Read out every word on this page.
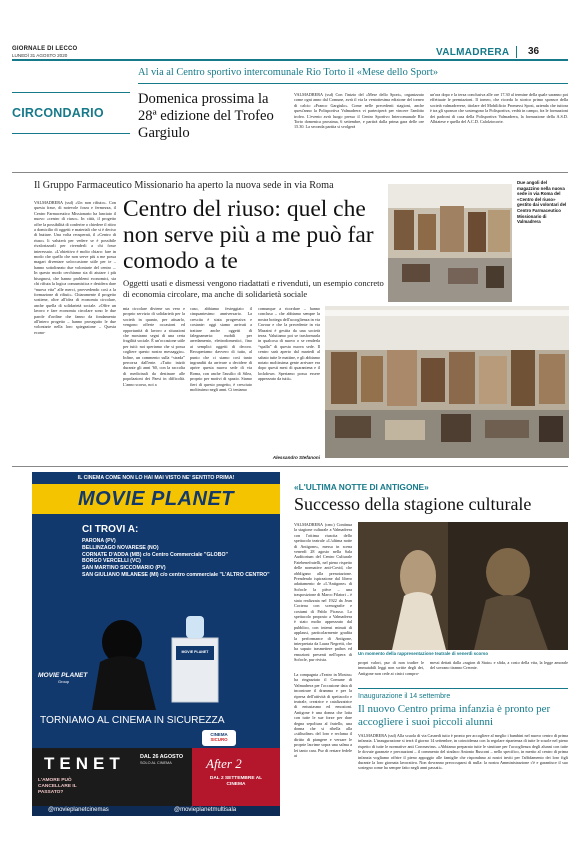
GIORNALE DI LECCO
LUNEDÌ 31 AGOSTO 2020	VALMADRERA 36
CIRCONDARIO
Al via al Centro sportivo intercomunale Rio Torto il «Mese dello Sport»
Domenica prossima la 28ª edizione del Trofeo Gargiulo
VALMADRERA (ssd) Con l'inizio del «Mese dello Sport», organizzato come ogni anno dal Comune, avrà il via la ventottesima edizione del torneo di calcio «Franco Gargiulo». Come nelle precedenti stagioni, anche quest'anno la Polisportiva Valmadrera vi parteciperà per vincere l'ambito trofeo. L'evento avrà luogo presso il Centro Sportivo Intercomunale Rio Torto domenica prossima, 6 settembre, e partirà dalla prima gara delle ore 15.30. La seconda partita si svolgerà
un'ora dopo e la terza conclusiva alle ore 17.30 al termine della quale saranno poi effettuate le premiazioni. Il torneo, che ricorda lo storico primo sponsor della società valmadrerese, titolare del Mobilificio Promessi Sposi, azienda che tuttora è tra gli sponsor che sostengono la Polisportiva, vedrà in campo, fra le formazioni dei padroni di casa della Polisportiva Valmadrera, la formazione della A.S.D. Albiatese e quella del A.C.D. Calolziocorte.
Il Gruppo Farmaceutico Missionario ha aperto la nuova sede in via Roma
VALMADRERA (ssd) «Un non rifiuto». Con questa frase, di notevole forza e fermezza, il Centro Farmaceutico Missionario ha lanciato il nuovo «centro di riuso». In città, il progetto offre la possibilità di conferire o chiedere il ritiro a domicilio di oggetti e materiali che si è deciso di buttare. Una volta recuperati, il «Centro di riuso» li valuterà per vedere se è possibile rivalorizzarli per rivenderli a chi fosse interessato. «L'obiettivo è molto chiaro: fare in modo che quello che non serve più a me possa magari diventare un'occasione utile per te – hanno sottolineato due volontarie del centro –. In questo modo cerchiamo sia di aiutare i più bisognosi, che hanno problemi economici, sia chi rifiuta la logica consumistica e desidera dare “nuova vita” alle merci, provvedendo così a la formazione di rifiuti». Chiaramente il progetto sostiene, oltre all'idea di economia circolare, anche quella di solidarietà sociale. «Offre un lavoro e fare economia circolare sono le due parole d'ordine che fanno da fondamento all'intero progetto – hanno proseguito le due volontarie nella loro spiegazione – Questa econo-
Centro del riuso: quel che non serve più a me può far comodo a te
Oggetti usati e dismessi vengono riadattati e rivenduti, un esempio concreto di economia circolare, ma anche di solidarietà sociale
mia circolare diviene un vero e proprio servizio di solidarietà per la società in quanto, per attuarlo, vengono offerte occasioni ed opportunità di lavoro a situazioni che mostrano segni di una certa fragilità sociale. È un'occasione utile per tutti: noi speriamo che si possa cogliere questo nostro messaggio». Infine, un commento sulla “strada” percorsa dall'ente. «Tutto iniziò durante gli anni '60, con la raccolta di medicinali da destinare alle popolazioni dei Paesi in difficoltà. L'anno scorso, noi a
caso, abbiamo festeggiato il cinquantesimo anniversario. La crescita è stata progressiva e costante: oggi siamo arrivati a trattare anche oggetti di falegnameria: mobili per arredamento, elettrodomestici, fino ai semplici oggetti di decoro. Recuperiamo davvero di tutto, al punto che ci siamo così tanto ingranditi da arrivare a decidere di aprire questa nuova sede di via Roma, con anche l'ausilio di Silea, proprio per motivi di spazio. Siamo fieri di questo progetto, è cresciuto moltissimo negli anni. Ci teniamo
comunque a ricordare – hanno concluso – che abbiamo sempre la nostra bottega dell'accoglienza in via Cavour e che la precedente in via Mazzini è gestita da una società terza. Valutiamo poi se trasformarla in qualcosa di nuovo o se renderla “spalla” di questa nuova sede. Il centro sarà aperto dal martedì al sabato tutte le mattine, e gli abbiamo notato moltissima gente arrivare era dopo questi mesi di quarantena e il lockdown. Speriamo possa essere apprezzato da tutti».
Alessandro Stefanoni
Due angoli del magazzino nella nuova sede in via Roma del «Centro del riuso» gestito dai volontari del Centro Farmaceutico Missionario di Valmadrera
IL CINEMA COME NON LO HAI MAI VISTO NE' SENTITO PRIMA!
MOVIE PLANET
CI TROVI A:
PARONA (PV)
BELLINZAGO NOVARESE (NO)
CORNATE D'ADDA (MB) c/o Centro Commerciale "GLOBO"
BORGO VERCELLI (VC)
SAN MARTINO SICCOMARIO (PV)
SAN GIULIANO MILANESE (MI) c/o centro commerciale "L'ALTRO CENTRO"
MOVIE PLANET
Group
MOVIE PLANET
TORNIAMO AL CINEMA IN SICUREZZA
CINEMA
SICURO
TENET
L'AMORE PUÒ CANCELLARE IL PASSATO?
DAL 26 AGOSTO
SOLO AL CINEMA	After 2
DAL 2 SETTEMBRE AL CINEMA
@movieplanetcinemas	@movieplanetmultisala
«L'ULTIMA NOTTE DI ANTIGONE»
Successo della stagione culturale
VALMADRERA (cmc) Continua la stagione culturale a Valmadrera con l'ottima riuscita dello spettacolo teatrale «L'ultima notte di Antigone», messa in scena venerdì 28 agosto nella Sala Auditorium del Centro Culturale Fatebenefratelli, nel pieno rispetto delle normative anti-Covid, che obbligano alla prenotazione. Prendendo ispirazione dal libero adattamento de «L'Antigone» di Sofocle la pièce – una trasposizione di Marco Filatori – è stata realizzata nel 1922 da Jean Cocteau con scenografie e costumi di Pablo Picasso. Lo spettacolo proposto a Valmadrera è stato molto apprezzato dal pubblico, con intensi minuti di applausi, particolarmente gradita la performance di Antigone, interpretata da Laura Negretti, che ha saputo trasmettere pathos ed emozioni presenti nell'opera di Sofocle, pur rivista.
Un momento della rappresentazione teatrale di venerdì scorso
La compagnia «Teatro in Mostra» ha ringraziato il Comune di Valmadrera per l'occasione data di incontrare il dramma e per la ripresa dell'attività di spettacolo e teatrale, creatrice e catalizzatrice di entusiasmo ed emozioni. Antigone è una donna che lotta con tutte le sue forze per dare degna sepoltura al fratello, una donna che si ribella alla «stiltudine» del loro e reclama il diritto di piangere e versare le proprie lacrime sopra una salma a lei tanto cara. Pur di restare fedele ai
propri valori, pur di non tradire le immutabili leggi non scritte degli dei, Antigone non cede ai cinici compro-
messi dettati dalla «ragion di Stato» e sfida, a costo della vita, la legge amorale del sovrano tiranno Creonte.
Inaugurazione il 14 settembre
Il nuovo Centro prima infanzia è pronto per accogliere i suoi piccoli alunni
VALMADRERA (ssd) Alla scuola di via Casnedi tutto è pronto per accogliere al meglio i bambini nel nuovo centro di prima infanzia. L'inaugurazione si terrà il giorno 14 settembre, in coincidenza con la regolare ripartenza di tutte le scuole nel pieno rispetto di tutte le normative anti Coronavirus. «Abbiamo preparato tutte le strutture per l'accoglienza degli alunni con tutte le dovute garanzie e precauzioni – il commento del sindaco Antonio Rusconi – nello specifico, in merito al centro di prima infanzia vogliamo offrire il pieno appoggio alle famiglie che rispondano ai nostri inviti per l'affidamento dei loro figli durante la loro giornata lavorativa. Non dovranno preoccuparsi di nulla: la nostra Amministrazione c'è e garantisce il suo sostegno come ha sempre fatto negli anni passati».
